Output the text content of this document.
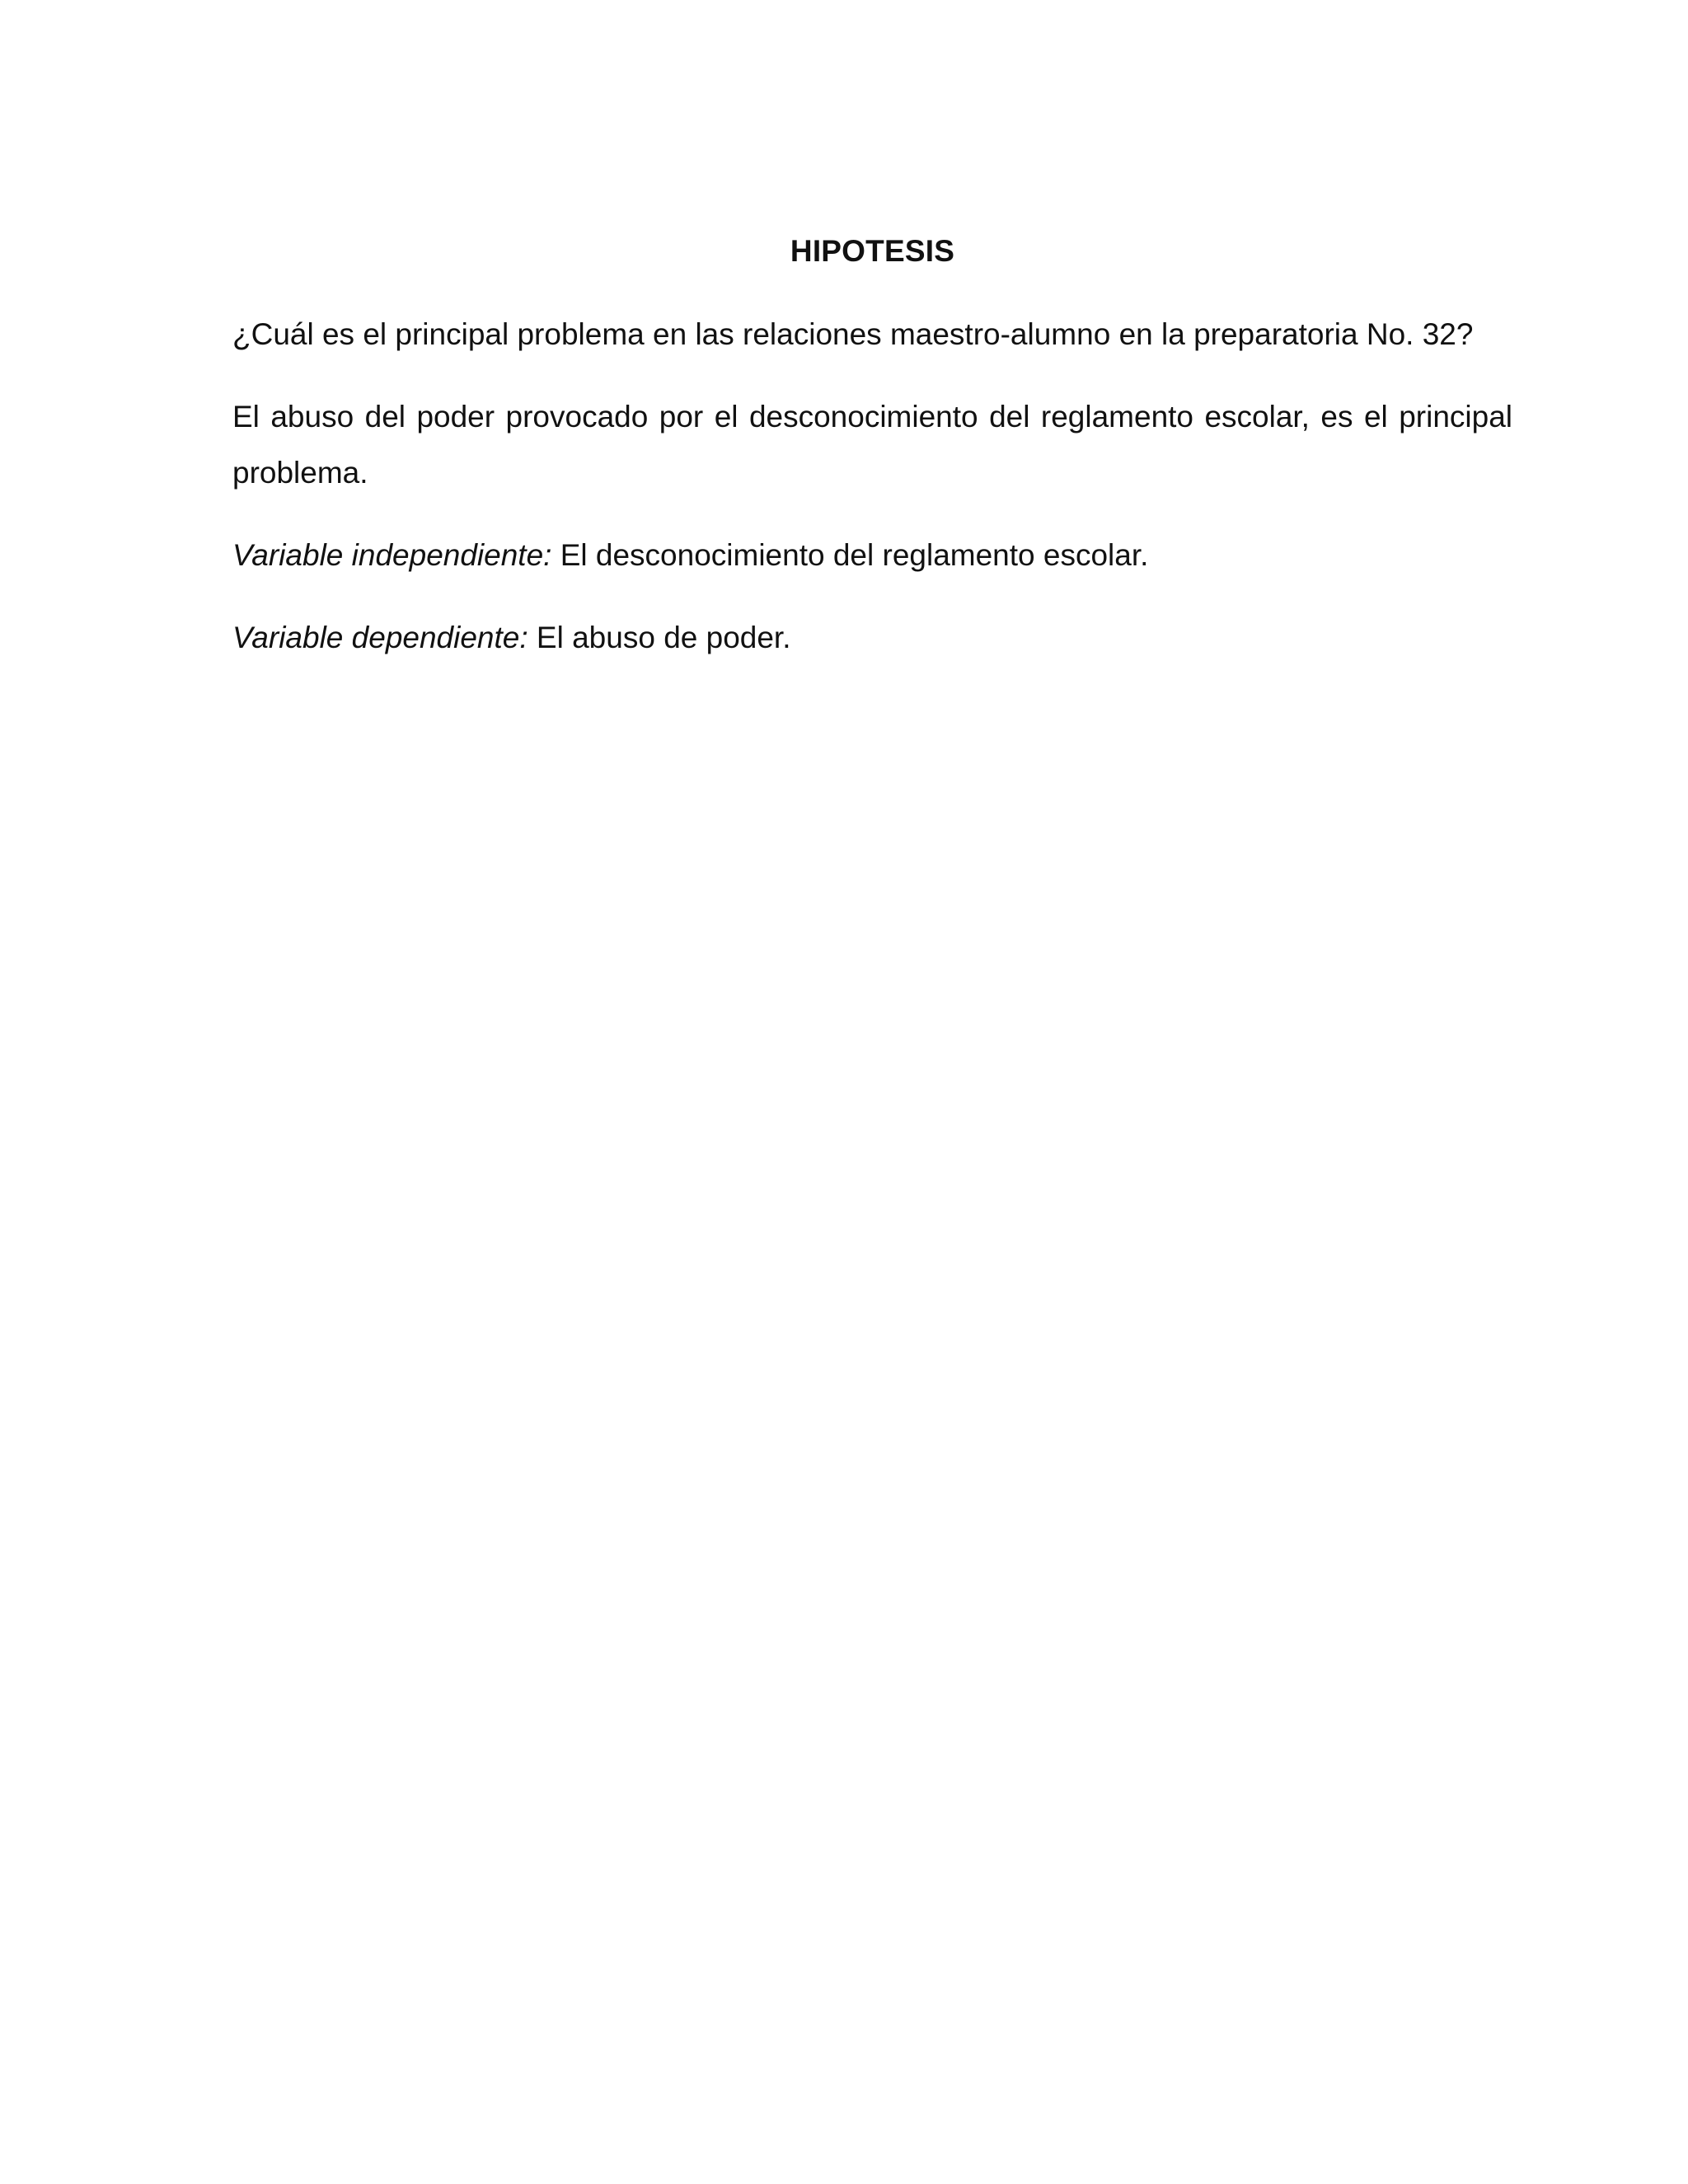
HIPOTESIS

¿Cuál es el principal problema en las relaciones maestro-alumno en la preparatoria No. 32?

El abuso del poder provocado por el desconocimiento del reglamento escolar, es el principal problema.

Variable independiente: El desconocimiento del reglamento escolar.

Variable dependiente: El abuso de poder.
